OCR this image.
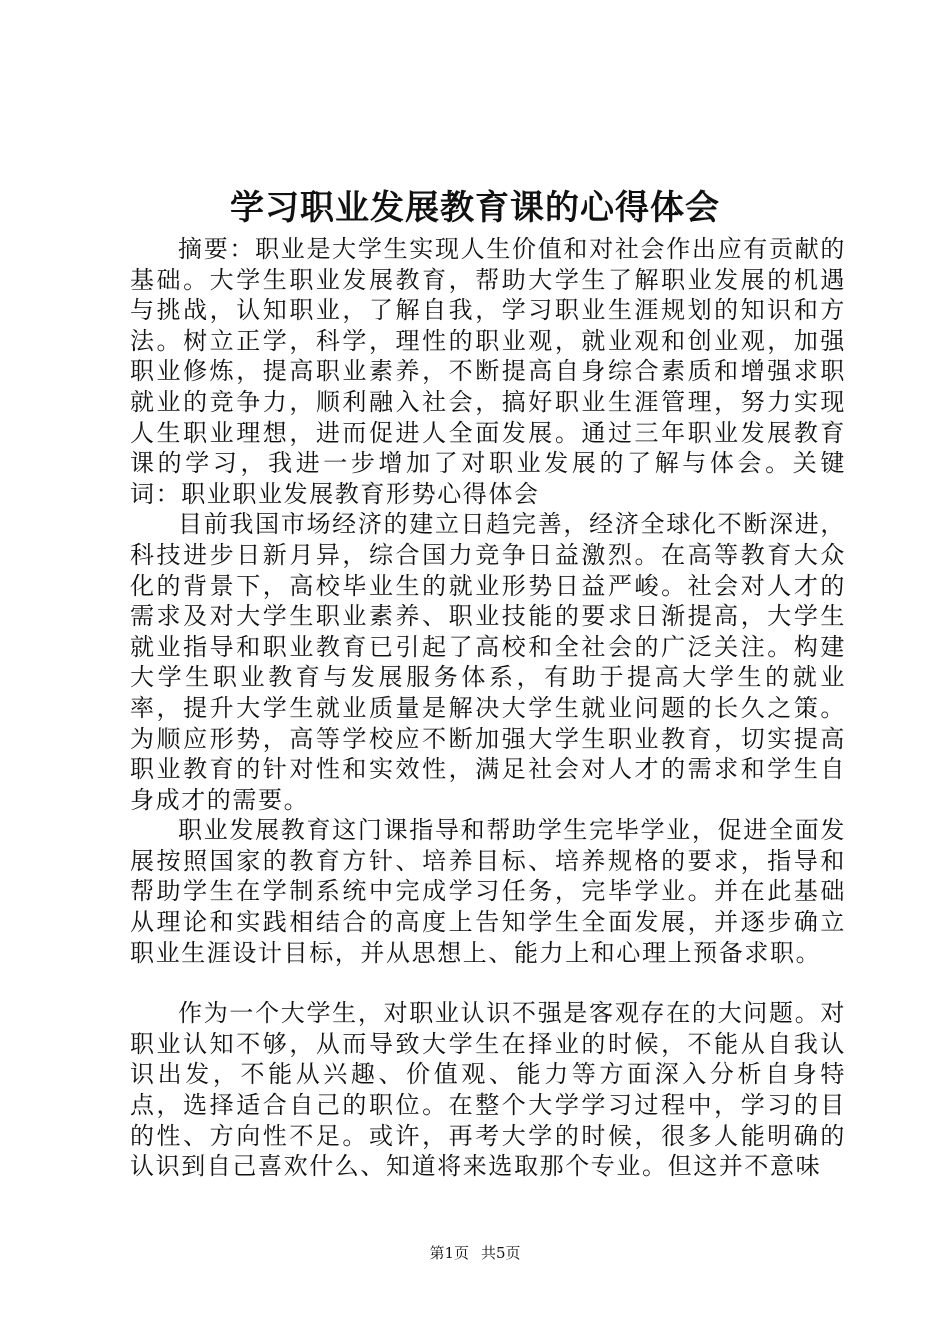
学习职业发展教育课的心得体会

摘要：职业是大学生实现人生价值和对社会作出应有贡献的基础。大学生职业发展教育，帮助大学生了解职业发展的机遇与挑战，认知职业，了解自我，学习职业生涯规划的知识和方法。树立正学，科学，理性的职业观，就业观和创业观，加强职业修炼，提高职业素养，不断提高自身综合素质和增强求职就业的竞争力，顺利融入社会，搞好职业生涯管理，努力实现人生职业理想，进而促进人全面发展。通过三年职业发展教育课的学习，我进一步增加了对职业发展的了解与体会。关键词：职业职业发展教育形势心得体会

目前我国市场经济的建立日趋完善，经济全球化不断深进，科技进步日新月异，综合国力竞争日益激烈。在高等教育大众化的背景下，高校毕业生的就业形势日益严峻。社会对人才的需求及对大学生职业素养、职业技能的要求日渐提高，大学生就业指导和职业教育已引起了高校和全社会的广泛关注。构建大学生职业教育与发展服务体系，有助于提高大学生的就业率，提升大学生就业质量是解决大学生就业问题的长久之策。为顺应形势，高等学校应不断加强大学生职业教育，切实提高职业教育的针对性和实效性，满足社会对人才的需求和学生自身成才的需要。

职业发展教育这门课指导和帮助学生完毕学业，促进全面发展按照国家的教育方针、培养目标、培养规格的要求，指导和帮助学生在学制系统中完成学习任务，完毕学业。并在此基础从理论和实践相结合的高度上告知学生全面发展，并逐步确立职业生涯设计目标，并从思想上、能力上和心理上预备求职。

作为一个大学生，对职业认识不强是客观存在的大问题。对职业认知不够，从而导致大学生在择业的时候，不能从自我认识出发，不能从兴趣、价值观、能力等方面深入分析自身特点，选择适合自己的职位。在整个大学学习过程中，学习的目的性、方向性不足。或许，再考大学的时候，很多人能明确的认识到自己喜欢什么、知道将来选取那个专业。但这并不意味

第1页 共5页
